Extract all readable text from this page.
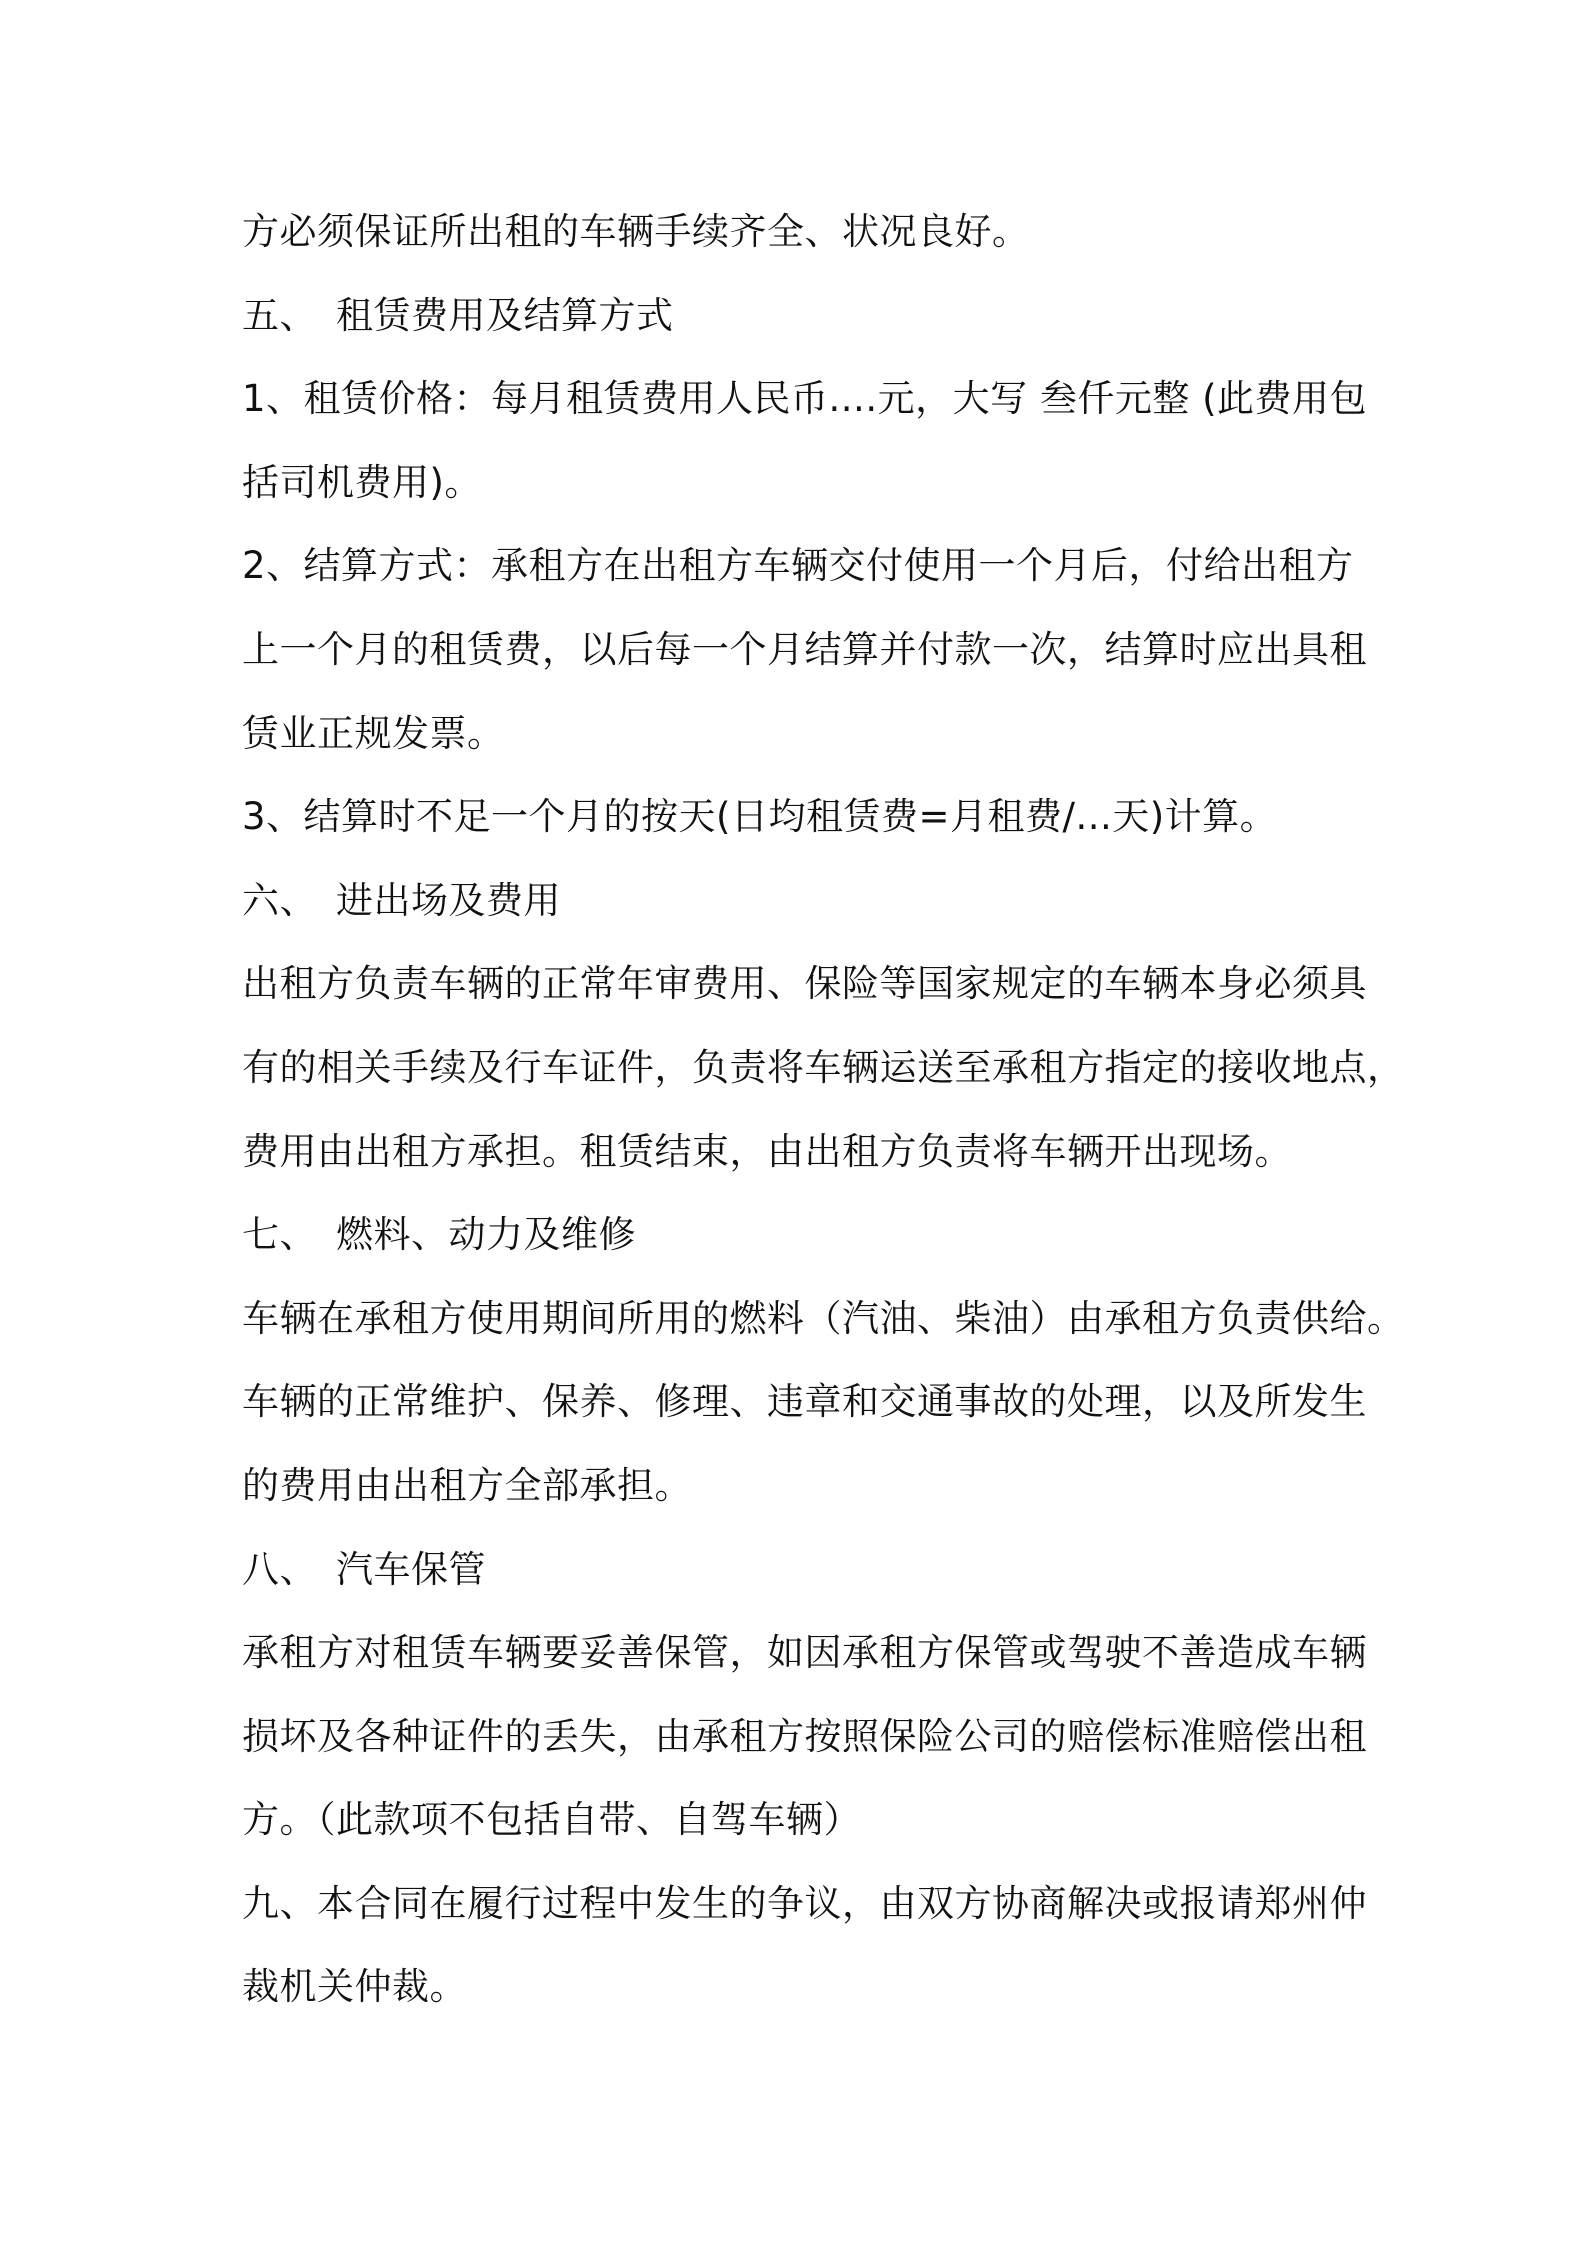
方必须保证所出租的车辆手续齐全、状况良好。
五、 租赁费用及结算方式
1、租赁价格：每月租赁费用人民币....元，大写 叁仟元整 (此费用包
括司机费用)。
2、结算方式：承租方在出租方车辆交付使用一个月后，付给出租方
上一个月的租赁费，以后每一个月结算并付款一次，结算时应出具租
赁业正规发票。
3、结算时不足一个月的按天(日均租赁费=月租费/...天)计算。
六、 进出场及费用
出租方负责车辆的正常年审费用、保险等国家规定的车辆本身必须具
有的相关手续及行车证件，负责将车辆运送至承租方指定的接收地点，
费用由出租方承担。租赁结束，由出租方负责将车辆开出现场。
七、 燃料、动力及维修
车辆在承租方使用期间所用的燃料（汽油、柴油）由承租方负责供给。
车辆的正常维护、保养、修理、违章和交通事故的处理，以及所发生
的费用由出租方全部承担。
八、 汽车保管
承租方对租赁车辆要妥善保管，如因承租方保管或驾驶不善造成车辆
损坏及各种证件的丢失，由承租方按照保险公司的赔偿标准赔偿出租
方。（此款项不包括自带、自驾车辆）
九、本合同在履行过程中发生的争议，由双方协商解决或报请郑州仲
裁机关仲裁。
